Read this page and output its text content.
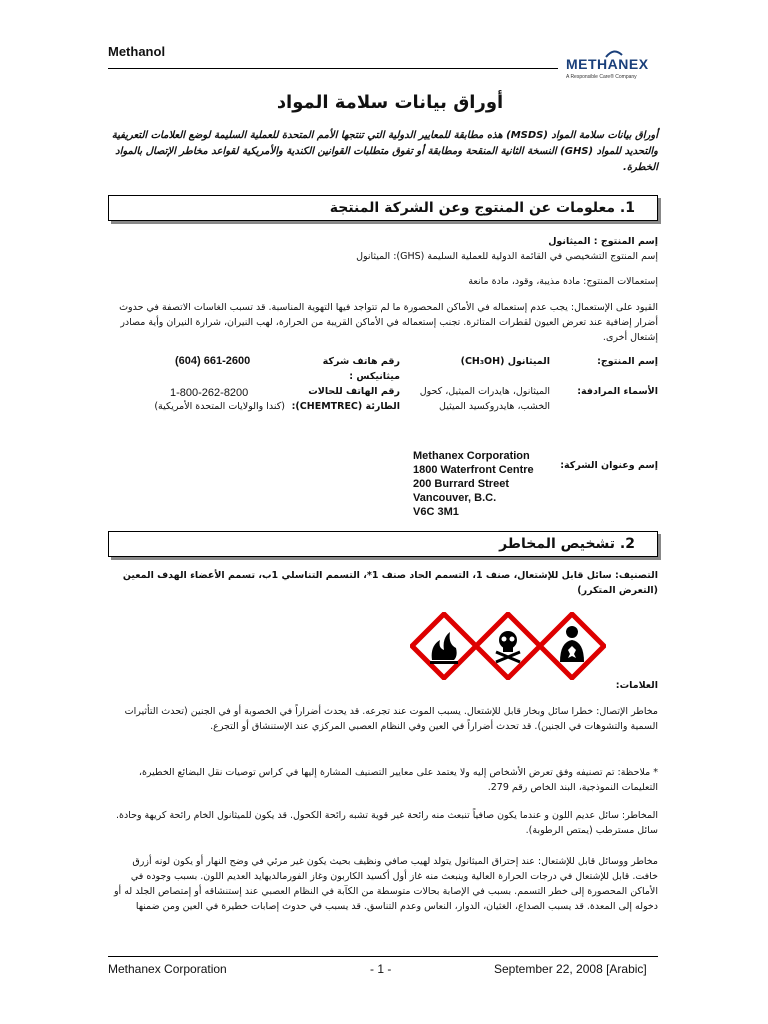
Methanol
METHANEX
A Responsible Care® Company
أوراق بيانات سلامة المواد
أوراق بيانات سلامة المواد (MSDS) هذه مطابقة للمعايير الدولية التي تنتجها الأمم المتحدة للعملية السليمة لوضع العلامات التعريفية والتحديد للمواد (GHS) النسخة الثانية المنقحة ومطابقة أو تفوق متطلبات القوانين الكندية والأمريكية لقواعد مخاطر الإتصال بالمواد الخطرة.
1. معلومات عن المنتوج وعن الشركة المنتجة
إسم المنتوج : الميثانول
إسم المنتوج التشخيصي في القائمة الدولية للعملية السليمة (GHS): الميثانول
إستعمالات المنتوج: مادة مذيبة، وقود، مادة مانعة
القيود على الإستعمال: يجب عدم إستعماله في الأماكن المحصورة ما لم تتواجد فيها التهوية المناسبة. قد تسبب الغاسات الاتصفة في حدوث أضرار إضافية عند تعرض العيون لقطرات المتاثرة. تجنب إستعماله في الأماكن القريبة من الحرارة، لهب النيران، شرارة النيران وأية مصادر إشتعال أخرى.
إسم المنتوج:
الميثانول (CH₃OH)
رقم هاتف شركة ميثانيكس :
(604) 661-2600
الأسماء المرادفة:
الميثانول، هايدرات الميثيل، كحول الخشب، هايدروكسيد الميثيل
رقم الهاتف للحالات الطارئة (CHEMTREC):
1-800-262-8200
(كندا والولايات المتحدة الأمريكية)
إسم وعنوان الشركة:
Methanex Corporation
1800 Waterfront Centre
200 Burrard Street
Vancouver, B.C.
V6C 3M1
2. تشخيص المخاطر
التصنيف: سائل قابل للإشتعال، صنف 1، التسمم الحاد صنف 1*، التسمم التناسلي 1ب، تسمم الأعضاء الهدف المعين (التعرض المتكرر)
العلامات:
مخاطر الإتصال: خطرا سائل وبخار قابل للإشتعال. يسبب الموت عند تجرعه. قد يحدث أضراراً في الخصوبة أو في الجنين (تحدث التأثيرات السمية والتشوهات في الجنين). قد تحدث أضراراً في العين وفي النظام العصبي المركزي عند الإستنشاق أو التجرع.
* ملاحظة: تم تصنيفه وفق تعرض الأشخاص إليه ولا يعتمد على معايير التصنيف المشارة إليها في كراس توصيات نقل البضائع الخطيرة، التعليمات النموذجية، البند الخاص رقم 279.
المخاطر: سائل عديم اللون و عندما يكون صافياً تنبعث منه رائحة غير قوية تشبه رائحة الكحول. قد يكون للميثانول الخام رائحة كريهة وحادة. سائل مسترطب (يمتص الرطوبة).
مخاطر ووسائل قابل للإشتعال: عند إحتراق الميثانول يتولد لهيب صافي ونظيف بحيث يكون غير مرئي في وضح النهار أو يكون لونه أزرق خافت. قابل للإشتعال في درجات الحرارة العالية وينبعث منه غاز أول أكسيد الكاربون وغاز الفورمالديهايد العديم اللون. بسبب وجوده في الأماكن المحصورة إلى خطر التسمم. بسبب في الإصابة بحالات متوسطة من الكآبة في النظام العصبي عند إستنشاقه أو إمتصاص الجلد له أو دخوله إلى المعدة. قد يسبب الصداع، الغثيان، الدوار، النعاس وعدم التناسق. قد يسبب في حدوث إصابات خطيرة في العين ومن ضمنها
Methanex Corporation	- 1 -	September 22, 2008 [Arabic]
